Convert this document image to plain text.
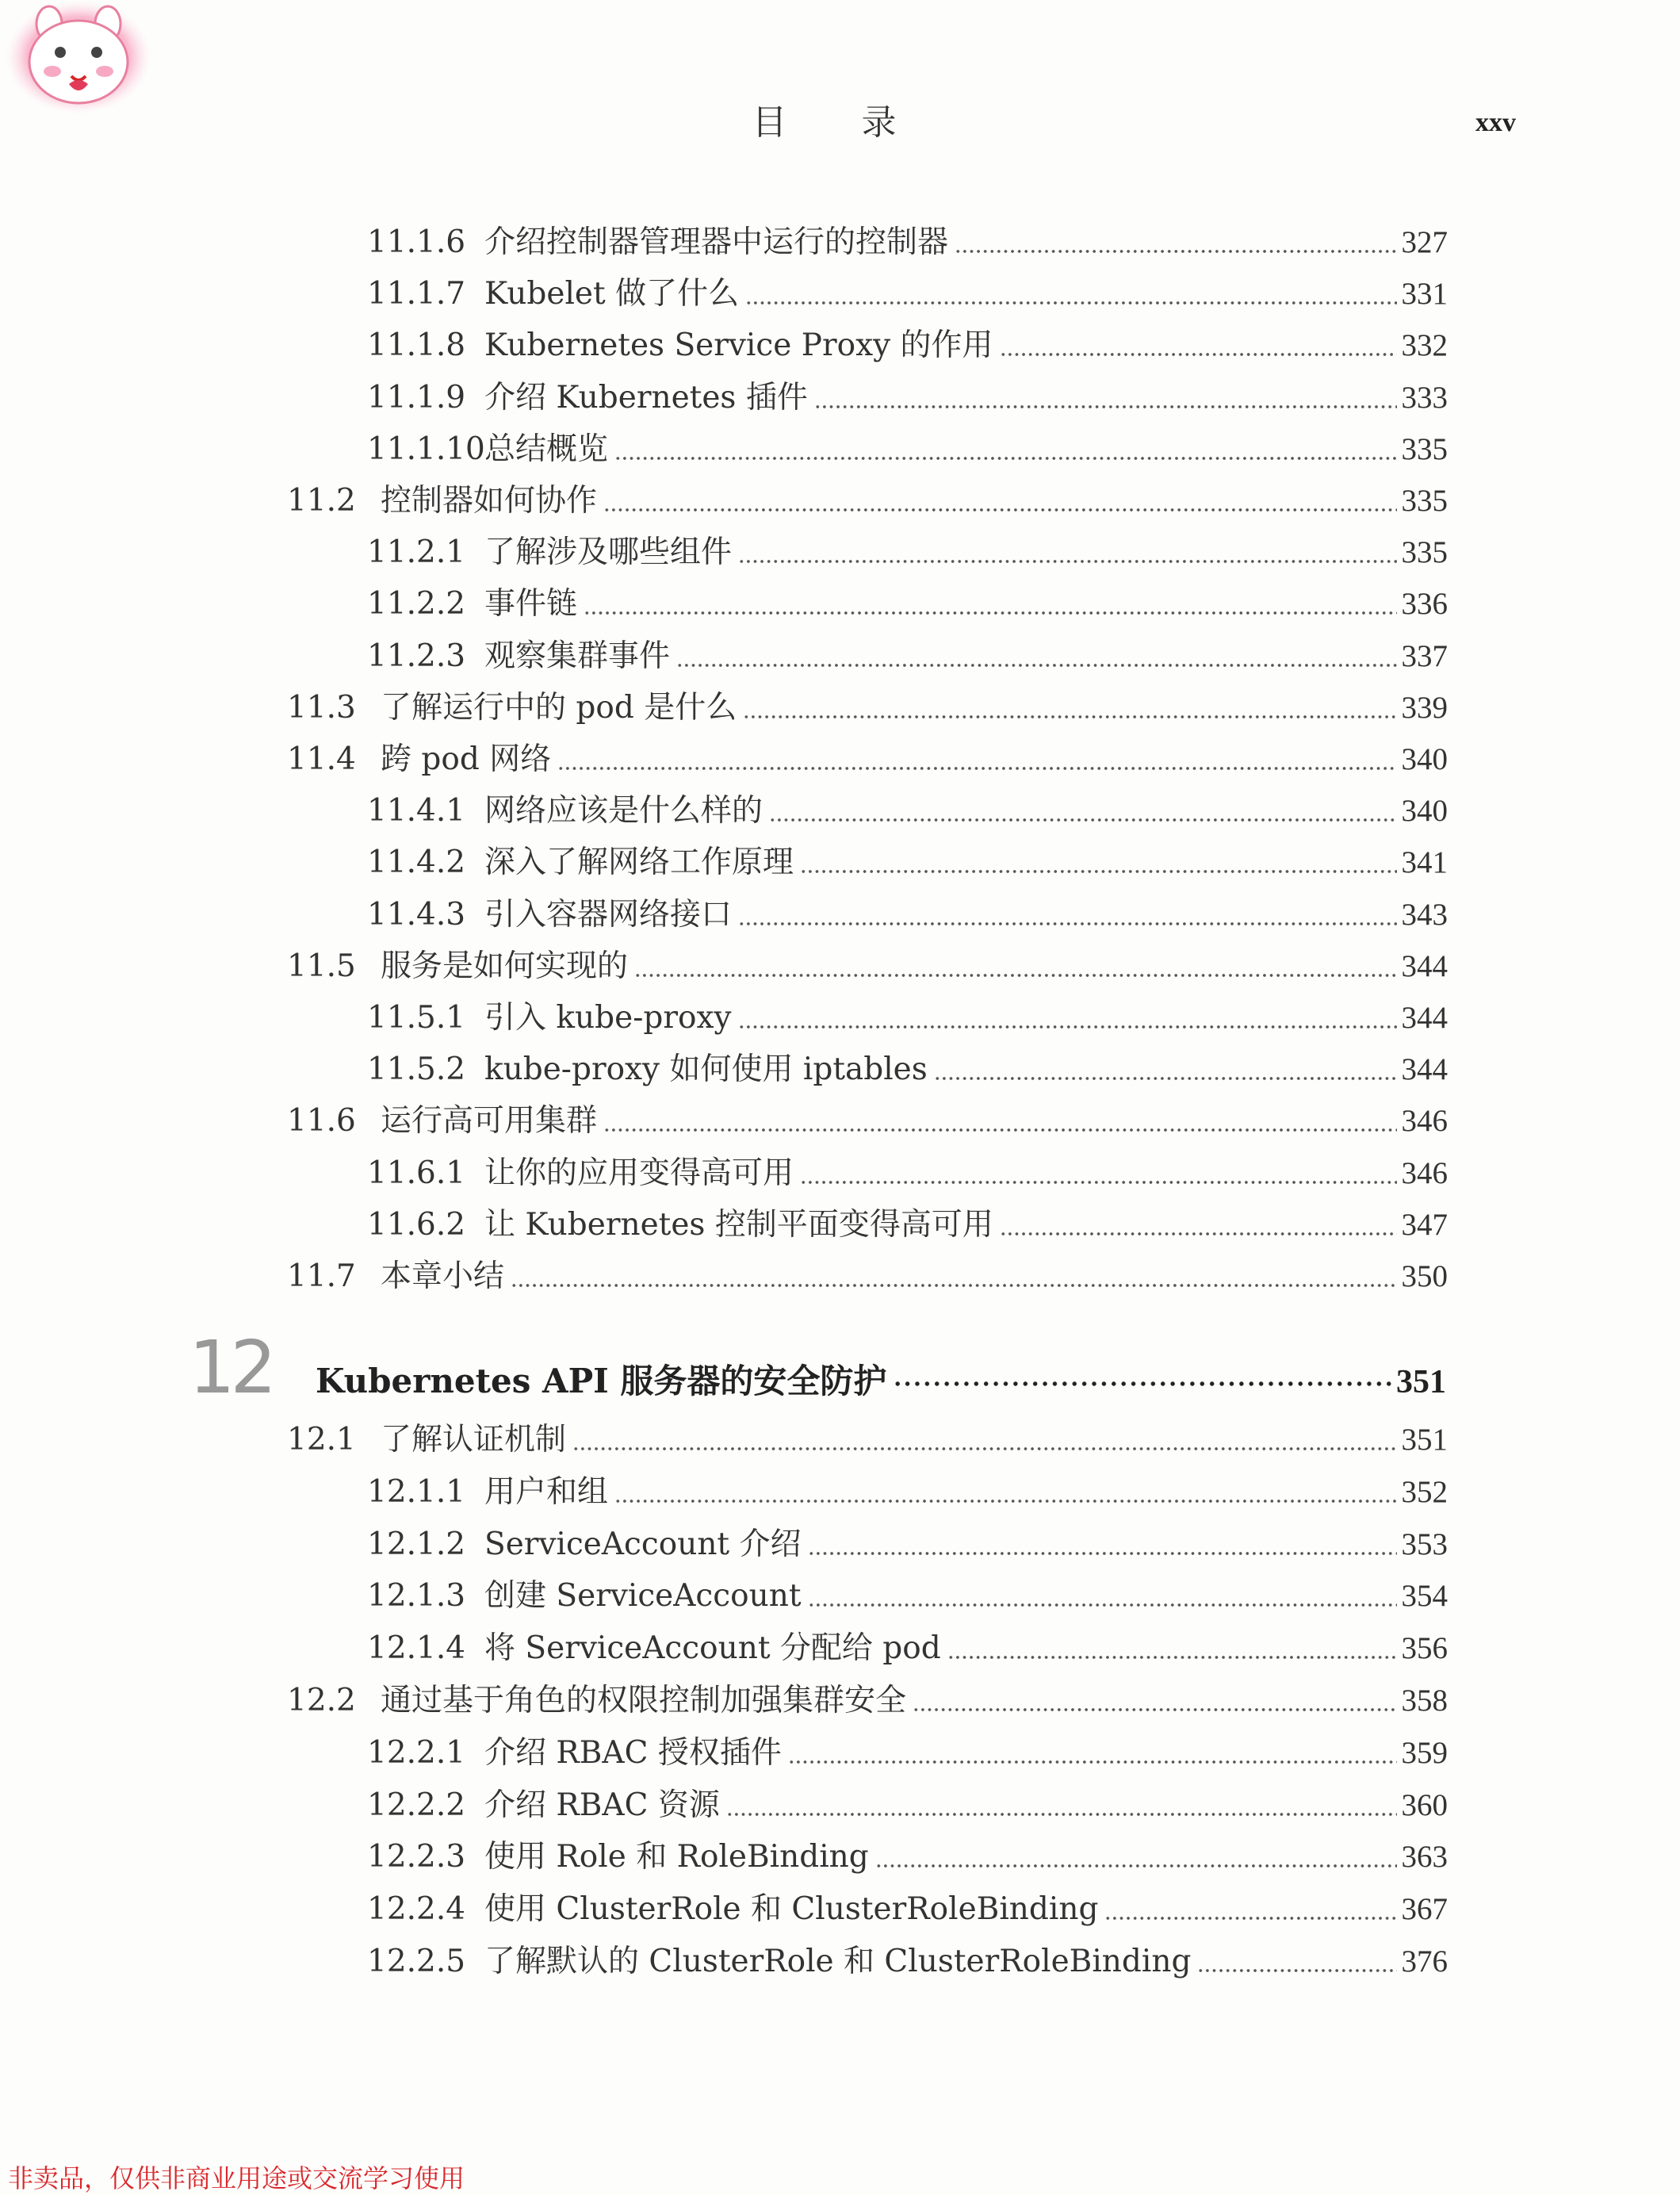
目 录	xxv
11.1.6 介绍控制器管理器中运行的控制器	327
11.1.7 Kubelet 做了什么	331
11.1.8 Kubernetes Service Proxy 的作用	332
11.1.9 介绍 Kubernetes 插件	333
11.1.10 总结概览	335
11.2 控制器如何协作	335
11.2.1 了解涉及哪些组件	335
11.2.2 事件链	336
11.2.3 观察集群事件	337
11.3 了解运行中的 pod 是什么	339
11.4 跨 pod 网络	340
11.4.1 网络应该是什么样的	340
11.4.2 深入了解网络工作原理	341
11.4.3 引入容器网络接口	343
11.5 服务是如何实现的	344
11.5.1 引入 kube-proxy	344
11.5.2 kube-proxy 如何使用 iptables	344
11.6 运行高可用集群	346
11.6.1 让你的应用变得高可用	346
11.6.2 让 Kubernetes 控制平面变得高可用	347
11.7 本章小结	350
12	Kubernetes API 服务器的安全防护	351
12.1 了解认证机制	351
12.1.1 用户和组	352
12.1.2 ServiceAccount 介绍	353
12.1.3 创建 ServiceAccount	354
12.1.4 将 ServiceAccount 分配给 pod	356
12.2 通过基于角色的权限控制加强集群安全	358
12.2.1 介绍 RBAC 授权插件	359
12.2.2 介绍 RBAC 资源	360
12.2.3 使用 Role 和 RoleBinding	363
12.2.4 使用 ClusterRole 和 ClusterRoleBinding	367
12.2.5 了解默认的 ClusterRole 和 ClusterRoleBinding	376
非卖品，仅供非商业用途或交流学习使用
